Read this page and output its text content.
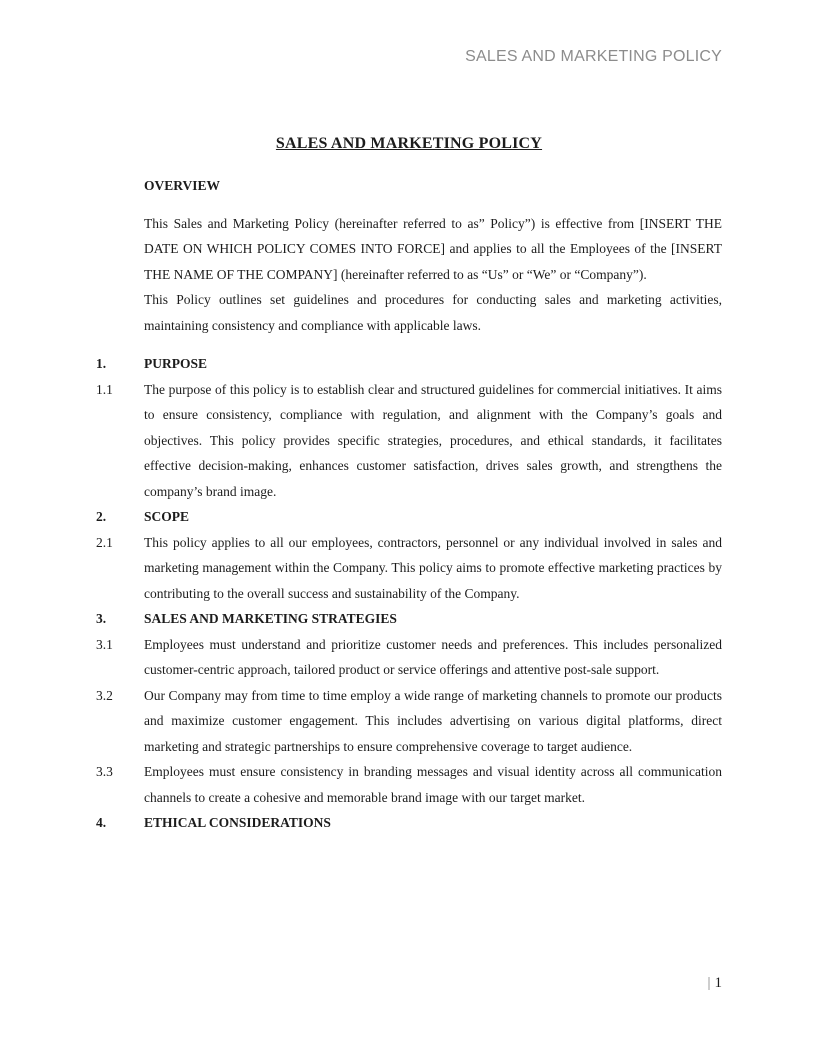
SALES AND MARKETING POLICY
SALES AND MARKETING POLICY
OVERVIEW

This Sales and Marketing Policy (hereinafter referred to as” Policy”) is effective from [INSERT THE DATE ON WHICH POLICY COMES INTO FORCE] and applies to all the Employees of the [INSERT THE NAME OF THE COMPANY] (hereinafter referred to as “Us” or “We” or “Company”).

This Policy outlines set guidelines and procedures for conducting sales and marketing activities, maintaining consistency and compliance with applicable laws.

1.	PURPOSE
1.1 The purpose of this policy is to establish clear and structured guidelines for commercial initiatives. It aims to ensure consistency, compliance with regulation, and alignment with the Company’s goals and objectives. This policy provides specific strategies, procedures, and ethical standards, it facilitates effective decision-making, enhances customer satisfaction, drives sales growth, and strengthens the company’s brand image.
2.	SCOPE
2.1 This policy applies to all our employees, contractors, personnel or any individual involved in sales and marketing management within the Company. This policy aims to promote effective marketing practices by contributing to the overall success and sustainability of the Company.
3.	SALES AND MARKETING STRATEGIES
3.1 Employees must understand and prioritize customer needs and preferences. This includes personalized customer-centric approach, tailored product or service offerings and attentive post-sale support.
3.2 Our Company may from time to time employ a wide range of marketing channels to promote our products and maximize customer engagement. This includes advertising on various digital platforms, direct marketing and strategic partnerships to ensure comprehensive coverage to target audience.
3.3 Employees must ensure consistency in branding messages and visual identity across all communication channels to create a cohesive and memorable brand image with our target market.
4.	ETHICAL CONSIDERATIONS
| 1
